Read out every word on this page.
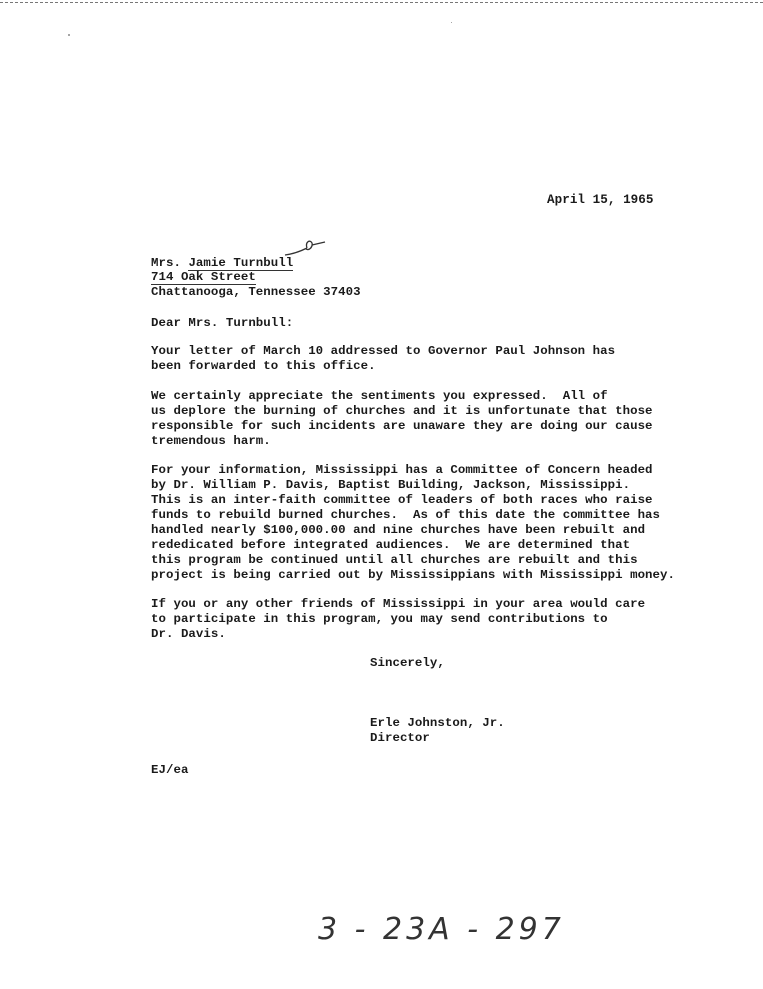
April 15, 1965
Mrs. Jamie Turnbull
714 Oak Street
Chattanooga, Tennessee 37403
Dear Mrs. Turnbull:
Your letter of March 10 addressed to Governor Paul Johnson has
been forwarded to this office.
We certainly appreciate the sentiments you expressed.  All of
us deplore the burning of churches and it is unfortunate that those
responsible for such incidents are unaware they are doing our cause
tremendous harm.
For your information, Mississippi has a Committee of Concern headed
by Dr. William P. Davis, Baptist Building, Jackson, Mississippi.
This is an inter-faith committee of leaders of both races who raise
funds to rebuild burned churches.  As of this date the committee has
handled nearly $100,000.00 and nine churches have been rebuilt and
rededicated before integrated audiences.  We are determined that
this program be continued until all churches are rebuilt and this
project is being carried out by Mississippians with Mississippi money.
If you or any other friends of Mississippi in your area would care
to participate in this program, you may send contributions to
Dr. Davis.
Sincerely,
Erle Johnston, Jr.
Director
EJ/ea
3 - 23A - 297
